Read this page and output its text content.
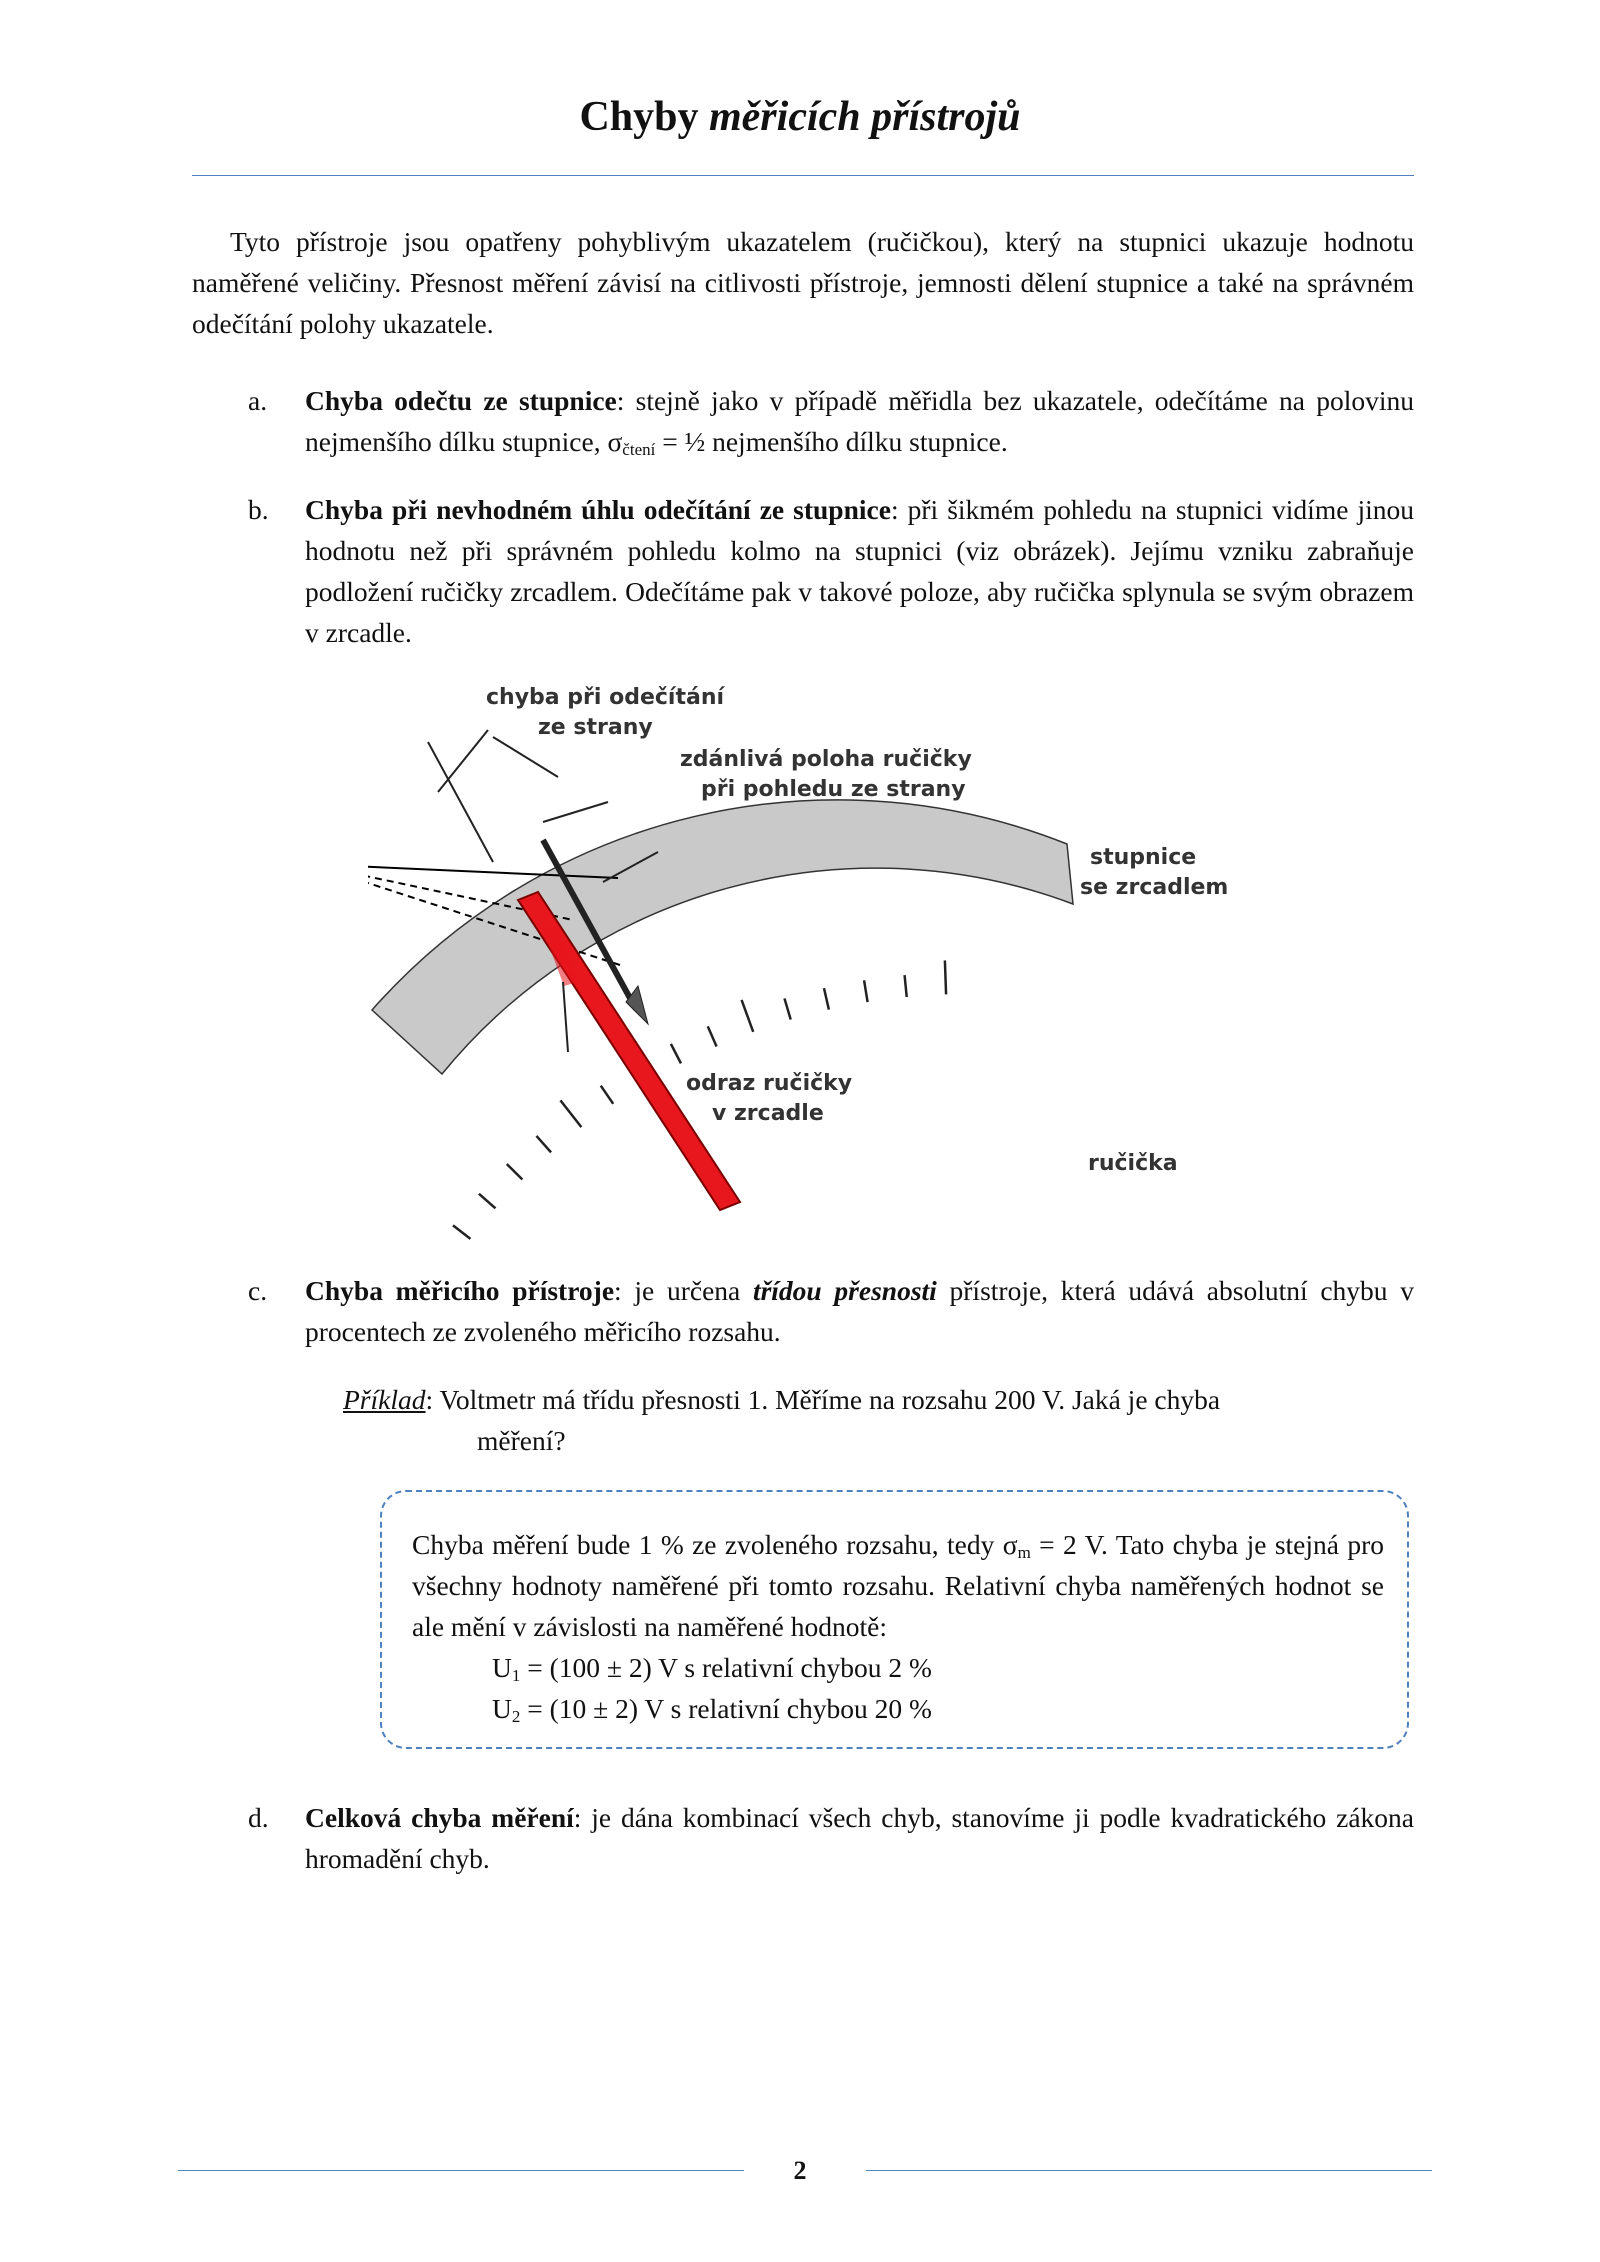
Chyby měřicích přístrojů
Tyto přístroje jsou opatřeny pohyblivým ukazatelem (ručičkou), který na stupnici ukazuje hodnotu naměřené veličiny. Přesnost měření závisí na citlivosti přístroje, jemnosti dělení stupnice a také na správném odečítání polohy ukazatele.
a. Chyba odečtu ze stupnice: stejně jako v případě měřidla bez ukazatele, odečítáme na polovinu nejmenšího dílku stupnice, $\sigma_{čtení}$ = ½ nejmenšího dílku stupnice.
b. Chyba při nevhodném úhlu odečítání ze stupnice: při šikmém pohledu na stupnici vidíme jinou hodnotu než při správném pohledu kolmo na stupnici (viz obrázek). Jejímu vzniku zabraňuje podložení ručičky zrcadlem. Odečítáme pak v takové poloze, aby ručička splynula se svým obrazem v zrcadle.
chyba při odečítání
ze strany
zdánlivá poloha ručičky
při pohledu ze strany
stupnice
se zrcadlem
odraz ručičky
v zrcadle
ručička
c. Chyba měřicího přístroje: je určena třídou přesnosti přístroje, která udává absolutní chybu v procentech ze zvoleného měřicího rozsahu.
Příklad: Voltmetr má třídu přesnosti 1. Měříme na rozsahu 200 V. Jaká je chyba
měření?
Chyba měření bude 1 % ze zvoleného rozsahu, tedy $\sigma_m = 2$ V. Tato chyba je stejná pro všechny hodnoty naměřené při tomto rozsahu. Relativní chyba naměřených hodnot se ale mění v závislosti na naměřené hodnotě:
$U_1 = (100 \pm 2)$ V s relativní chybou 2 %
$U_2 = (10 \pm 2)$ V s relativní chybou 20 %
d. Celková chyba měření: je dána kombinací všech chyb, stanovíme ji podle kvadratického zákona hromadění chyb.
2
